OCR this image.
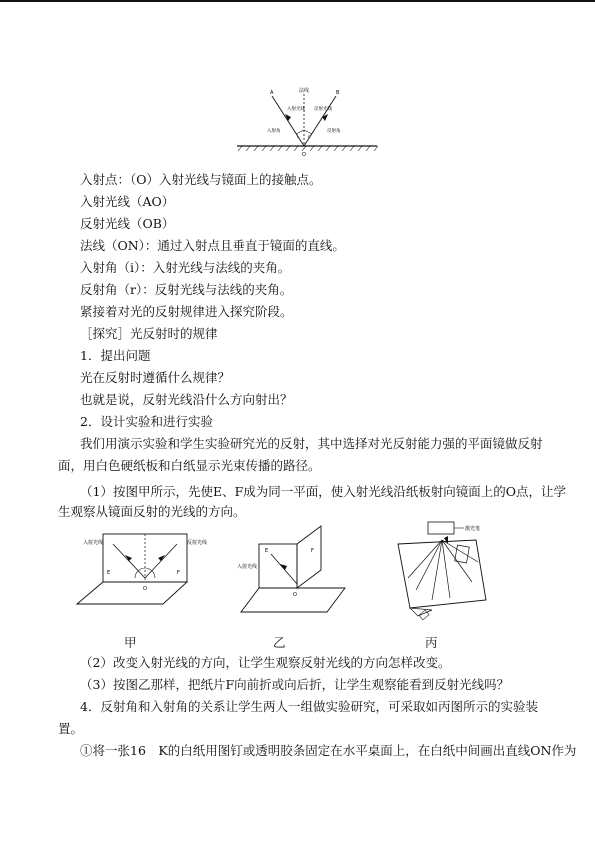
法线
A	B
O
入射光线 反射光线
入射角	反射角
i r
入射点：（O）入射光线与镜面上的接触点。
入射光线（AO）
反射光线（OB）
法线（ON）：通过入射点且垂直于镜面的直线。
入射角（i）：入射光线与法线的夹角。
反射角（r）：反射光线与法线的夹角。
紧接着对光的反射规律进入探究阶段。
［探究］光反射时的规律
1．提出问题
光在反射时遵循什么规律？
也就是说，反射光线沿什么方向射出？
2．设计实验和进行实验
我们用演示实验和学生实验研究光的反射，其中选择对光反射能力强的平面镜做反射
面，用白色硬纸板和白纸显示光束传播的路径。
（1）按图甲所示，先使E、F成为同一平面，使入射光线沿纸板射向镜面上的O点，让学
生观察从镜面反射的光线的方向。
入射光线	反射光线
E	F
O
入射光线
E	F
O
激光笔
甲	乙	丙
（2）改变入射光线的方向，让学生观察反射光线的方向怎样改变。
（3）按图乙那样，把纸片F向前折或向后折，让学生观察能看到反射光线吗？
4．反射角和入射角的关系让学生两人一组做实验研究，可采取如丙图所示的实验装
置。
①将一张16　K的白纸用图钉或透明胶条固定在水平桌面上，在白纸中间画出直线ON作为
